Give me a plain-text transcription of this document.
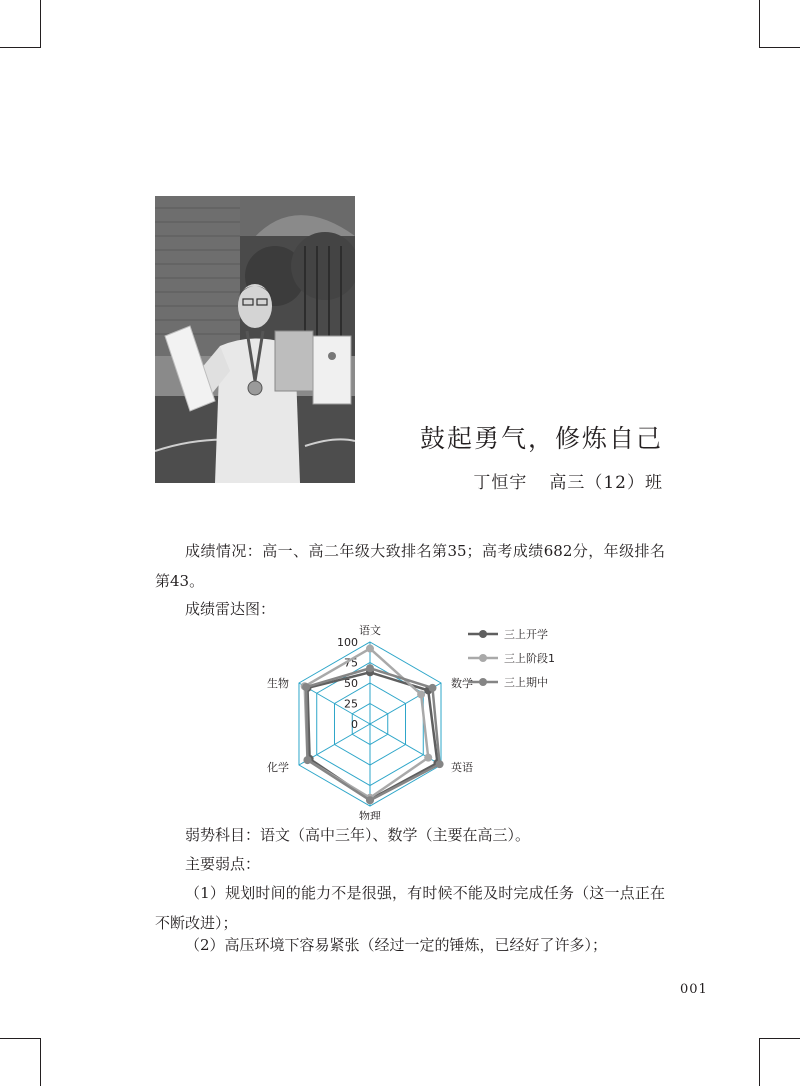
鼓起勇气，修炼自己
丁恒宇 高三（12）班

成绩情况：高一、高二年级大致排名第35；高考成绩682分，年级排名第43。

成绩雷达图：

0
25
50
75
100
语文
数学
英语
物理
化学
生物
三上开学
三上阶段1
三上期中

弱势科目：语文（高中三年）、数学（主要在高三）。

主要弱点：

（1）规划时间的能力不是很强，有时候不能及时完成任务（这一点正在不断改进）；

（2）高压环境下容易紧张（经过一定的锤炼，已经好了许多）；

001
